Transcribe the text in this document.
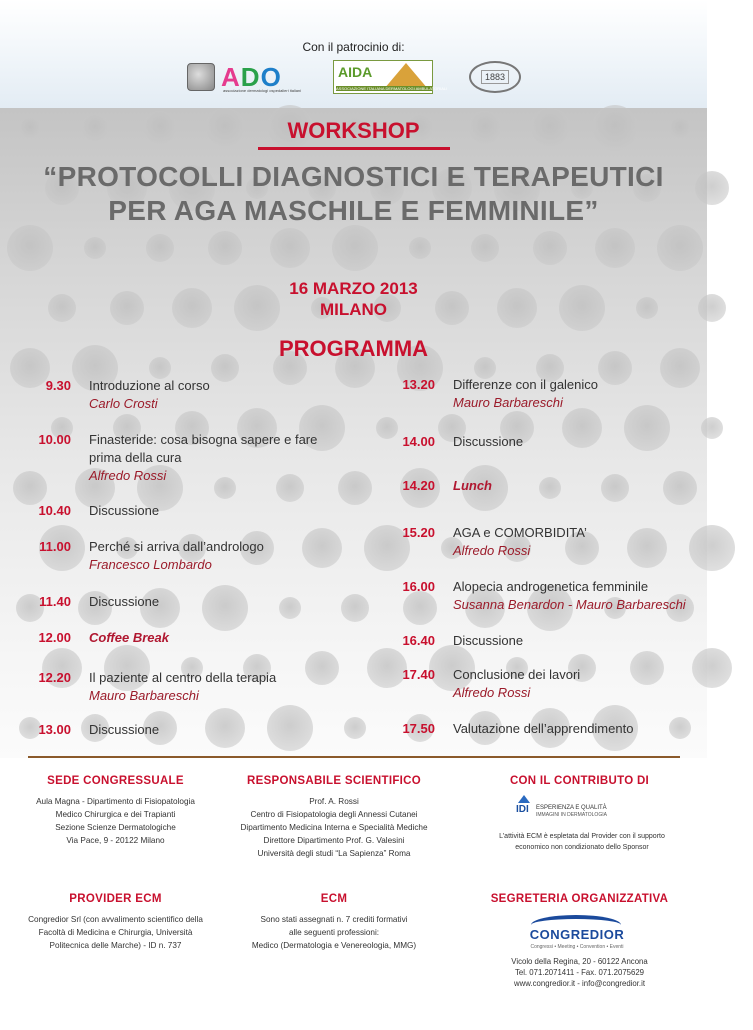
Con il patrocinio di:
ADO
associazione dermatologi ospedalieri italiani
AIDA
ASSOCIAZIONE ITALIANA DERMATOLOGI AMBULATORIALI
1883
WORKSHOP
“PROTOCOLLI DIAGNOSTICI E TERAPEUTICI PER AGA MASCHILE E FEMMINILE”
16 MARZO 2013
MILANO
PROGRAMMA
9.30 Introduzione al corso
Carlo Crosti
10.00 Finasteride: cosa bisogna sapere e fare prima della cura
Alfredo Rossi
10.40 Discussione
11.00 Perché si arriva dall’andrologo
Francesco Lombardo
11.40 Discussione
12.00 Coffee Break
12.20 Il paziente al centro della terapia
Mauro Barbareschi
13.00 Discussione
13.20 Differenze con il galenico
Mauro Barbareschi
14.00 Discussione
14.20 Lunch
15.20 AGA e COMORBIDITA’
Alfredo Rossi
16.00 Alopecia androgenetica femminile
Susanna Benardon - Mauro Barbareschi
16.40 Discussione
17.40 Conclusione dei lavori
Alfredo Rossi
17.50 Valutazione dell’apprendimento
SEDE CONGRESSUALE
Aula Magna - Dipartimento di Fisiopatologia
Medico Chirurgica e dei Trapianti
Sezione Scienze Dermatologiche
Via Pace, 9 - 20122 Milano
RESPONSABILE SCIENTIFICO
Prof. A. Rossi
Centro di Fisiopatologia degli Annessi Cutanei
Dipartimento Medicina Interna e Specialità Mediche
Direttore Dipartimento Prof. G. Valesini
Università degli studi “La Sapienza” Roma
CON IL CONTRIBUTO DI
IDI ESPERIENZA E QUALITÀ
IMMAGINI IN DERMATOLOGIA
L’attività ECM è espletata dal Provider con il supporto
economico non condizionato dello Sponsor
PROVIDER ECM
Congredior Srl (con avvalimento scientifico della
Facoltà di Medicina e Chirurgia, Università
Politecnica delle Marche) - ID n. 737
ECM
Sono stati assegnati n. 7 crediti formativi
alle seguenti professioni:
Medico (Dermatologia e Venereologia, MMG)
SEGRETERIA ORGANIZZATIVA
CONGREDIOR
Congressi • Meeting • Convention • Eventi
Vicolo della Regina, 20 - 60122 Ancona
Tel. 071.2071411 - Fax. 071.2075629
www.congredior.it - info@congredior.it
